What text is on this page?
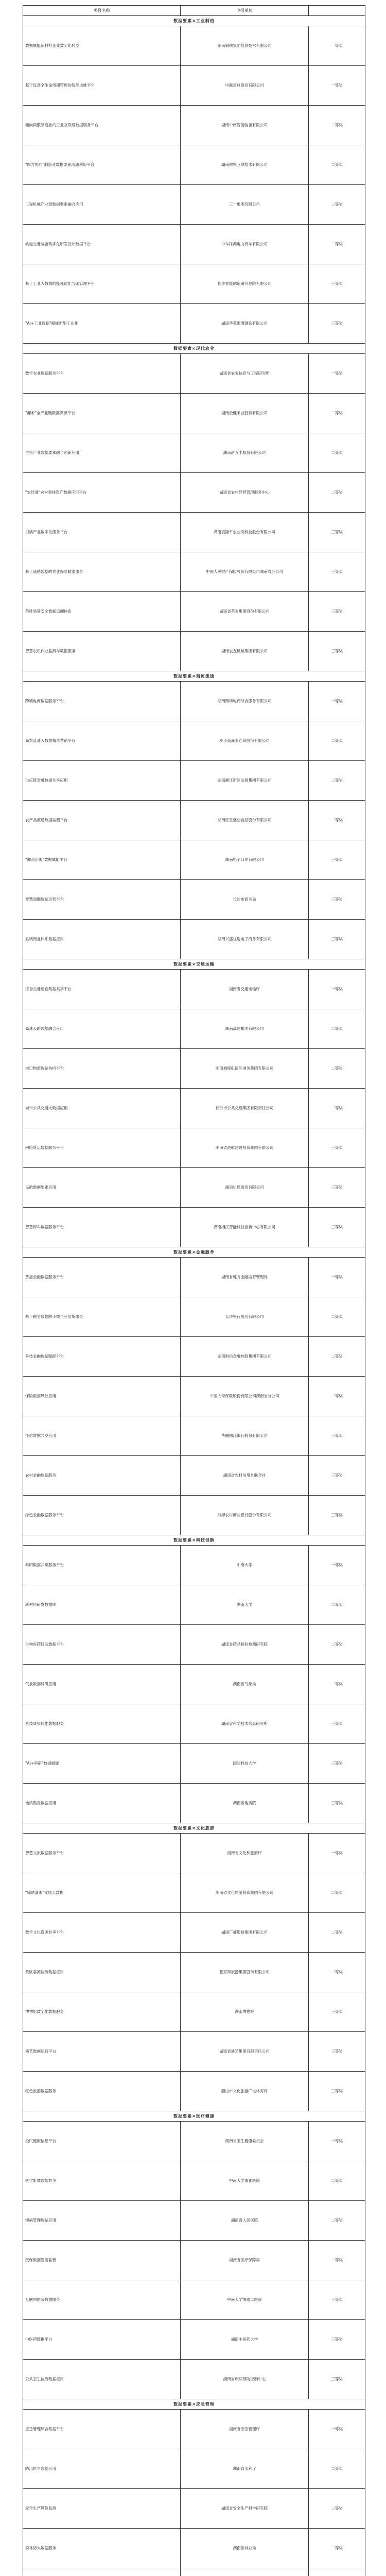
项目名称	申报单位
数据要素×工业制造
数据赋能新材料企业数字化转型	湖南钢铁集团信息技术有限公司	一等奖
基于设备全生命周期管理的智能运维平台	中联重科股份有限公司	一等奖
面向离散制造业的工业互联网数据服务平台	湖南中南智能装备有限公司	二等奖
"四方协同"制造业数据要素流通利用平台	湖南树根互联技术有限公司	二等奖
工程机械产业链数据要素融合应用	三一集团有限公司	二等奖
轨道交通装备数字化研发设计数据平台	中车株洲电力机车有限公司	二等奖
基于工业大数据的能耗优化与碳管理平台	长沙智能制造研究总院有限公司	三等奖
"AI+工业数据"赋能新型工业化	湖南华菱湘潭钢铁有限公司	三等奖
数据要素×现代农业
数字农业数据服务平台	湖南省农业信息与工程研究所	一等奖
"湘米"全产业链数据溯源平台	湖南金健米业股份有限公司	二等奖
生猪产业数据要素融合创新应用	湖南新五丰股份有限公司	二等奖
"农经通"农村集体资产数据应用平台	湖南省农村经营管理服务中心	二等奖
柑橘产业数字化服务平台	湖南袁隆平农业高科技股份有限公司	三等奖
基于遥感数据的农业保险精准服务	中国人民财产保险股份有限公司湖南省分公司	三等奖
茶叶质量安全数据追溯体系	湖南省茶业集团股份有限公司	三等奖
智慧农机作业监测与数据服务	湖南农友机械集团有限公司	三等奖
数据要素×商贸流通
跨境电商数据服务平台	湖南跨境电商综合服务有限公司	一等奖
商贸流通大数据精准营销平台	步步高商业连锁股份有限公司	二等奖
供应链金融数据共享应用	湖南湘江新区发展集团有限公司	二等奖
农产品流通数据监测平台	湖南红星盛业食品股份有限公司	二等奖
"湘品出湘"数据赋能平台	湖南电子口岸有限公司	三等奖
智慧商圈数据运营平台	长沙市商务局	三等奖
县域商业体系数据应用	湖南兴盛优选电子商务有限公司	三等奖
数据要素×交通运输
综合交通运输数据共享平台	湖南省交通运输厅	一等奖
高速公路数据融合应用	湖南高速集团有限公司	二等奖
港口物流数据协同平台	湖南城陵矶国际港务集团有限公司	二等奖
城市公共交通大数据应用	长沙市公共交通集团有限责任公司	二等奖
网络货运数据服务平台	湖南省港航建设投资集团有限公司	三等奖
民航数据要素应用	湖南机场股份有限公司	三等奖
智慧停车数据服务平台	湖南湘江智能科技创新中心有限公司	三等奖
数据要素×金融服务
普惠金融数据服务平台	湖南省地方金融监督管理局	一等奖
基于税务数据的小微企业信贷服务	长沙银行股份有限公司	二等奖
科技金融数据赋能平台	湖南财信金融控股集团有限公司	二等奖
保险数据风控应用	中国人寿保险股份有限公司湖南省分公司	二等奖
征信数据共享应用	华融湘江银行股份有限公司	三等奖
农村金融数据服务	湖南省农村信用社联合社	三等奖
绿色金融数据服务平台	湘潭农村商业银行股份有限公司	三等奖
数据要素×科技创新
科研数据共享服务平台	中南大学	一等奖
新材料研发数据库	湖南大学	二等奖
生物医药研发数据平台	湖南省药品检验检测研究院	二等奖
气象数据科研应用	湖南省气象局	二等奖
科技成果转化数据服务	湖南省科学技术信息研究所	三等奖
"AI+科研"数据赋能	国防科技大学	三等奖
地质勘查数据应用	湖南省地质院	三等奖
数据要素×文化旅游
智慧文旅数据服务平台	湖南省文化和旅游厅	一等奖
"锦绣潇湘"文旅大数据	湖南省文化旅游投资集团有限公司	二等奖
数字文化资源共享平台	湖南广播影视集团有限公司	二等奖
景区客流监测数据应用	张家界旅游集团股份有限公司	二等奖
博物馆数字化数据服务	湖南博物院	三等奖
演艺数据运营平台	湖南省演艺集团有限责任公司	三等奖
红色旅游数据服务	韶山市文化旅游广电体育局	三等奖
数据要素×医疗健康
全民健康信息平台	湖南省卫生健康委员会	一等奖
医学影像数据共享	中南大学湘雅医院	二等奖
慢病管理数据应用	湖南省人民医院	二等奖
医保数据智能监管	湖南省医疗保障局	二等奖
互联网医院数据服务	中南大学湘雅二医院	三等奖
中医药数据平台	湖南中医药大学	三等奖
公共卫生监测数据应用	湖南省疾病预防控制中心	三等奖
数据要素×应急管理
应急管理综合数据平台	湖南省应急管理厅	一等奖
防汛抗旱数据应用	湖南省水利厅	二等奖
安全生产风险监测	湖南省安全生产科学研究院	二等奖
森林防火数据服务	湖南省林业局	二等奖
